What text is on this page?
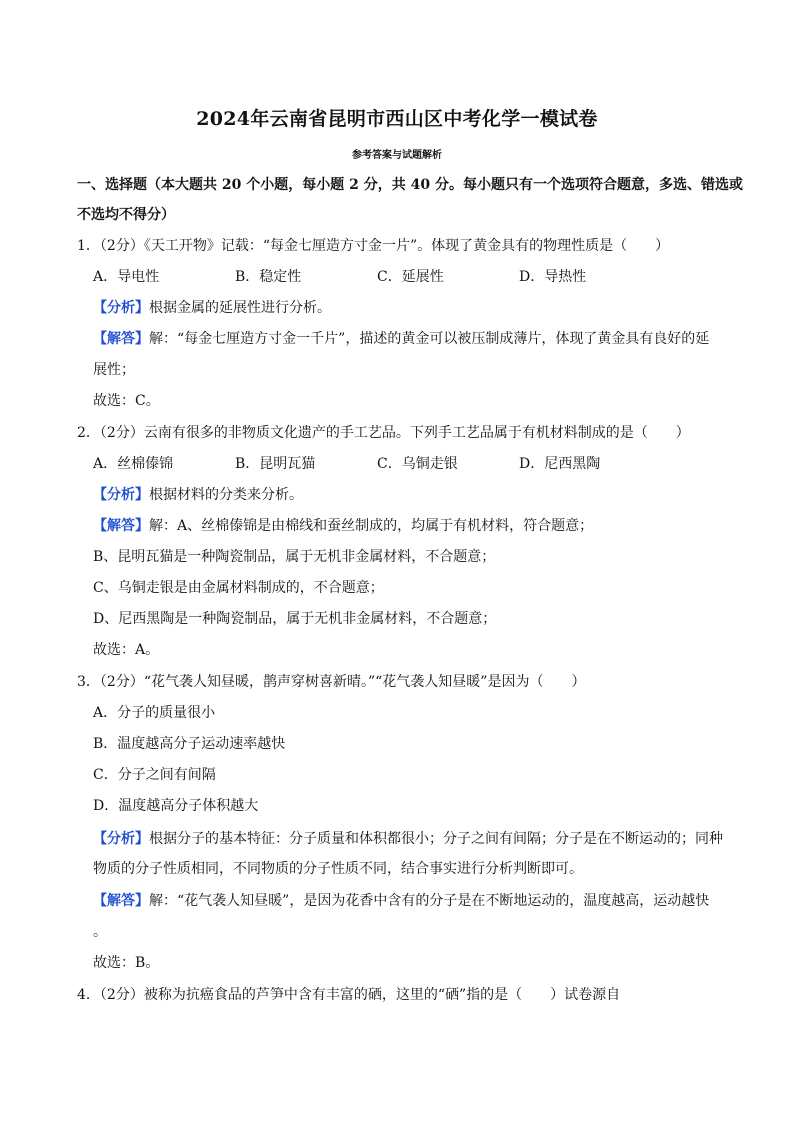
2024年云南省昆明市西山区中考化学一模试卷
参考答案与试题解析
一、选择题（本大题共 20 个小题，每小题 2 分，共 40 分。每小题只有一个选项符合题意，多选、错选或
不选均不得分）
1．（2分）《天工开物》记载：“每金七厘造方寸金一片”。体现了黄金具有的物理性质是（　　）
A．导电性	B．稳定性	C．延展性	D．导热性
【分析】根据金属的延展性进行分析。
【解答】解：“每金七厘造方寸金一千片”，描述的黄金可以被压制成薄片，体现了黄金具有良好的延
展性；
故选：C。
2．（2分）云南有很多的非物质文化遗产的手工艺品。下列手工艺品属于有机材料制成的是（　　）
A．丝棉傣锦	B．昆明瓦猫	C．乌铜走银	D．尼西黑陶
【分析】根据材料的分类来分析。
【解答】解：A、丝棉傣锦是由棉线和蚕丝制成的，均属于有机材料，符合题意；
B、昆明瓦猫是一种陶瓷制品，属于无机非金属材料，不合题意；
C、乌铜走银是由金属材料制成的，不合题意；
D、尼西黑陶是一种陶瓷制品，属于无机非金属材料，不合题意；
故选：A。
3．（2分）“花气袭人知昼暖，鹊声穿树喜新晴。”“花气袭人知昼暖”是因为（　　）
A．分子的质量很小
B．温度越高分子运动速率越快
C．分子之间有间隔
D．温度越高分子体积越大
【分析】根据分子的基本特征：分子质量和体积都很小；分子之间有间隔；分子是在不断运动的；同种
物质的分子性质相同，不同物质的分子性质不同，结合事实进行分析判断即可。
【解答】解：“花气袭人知昼暖”，是因为花香中含有的分子是在不断地运动的，温度越高，运动越快
。
故选：B。
4．（2分）被称为抗癌食品的芦笋中含有丰富的硒，这里的“硒”指的是（　　）试卷源自
